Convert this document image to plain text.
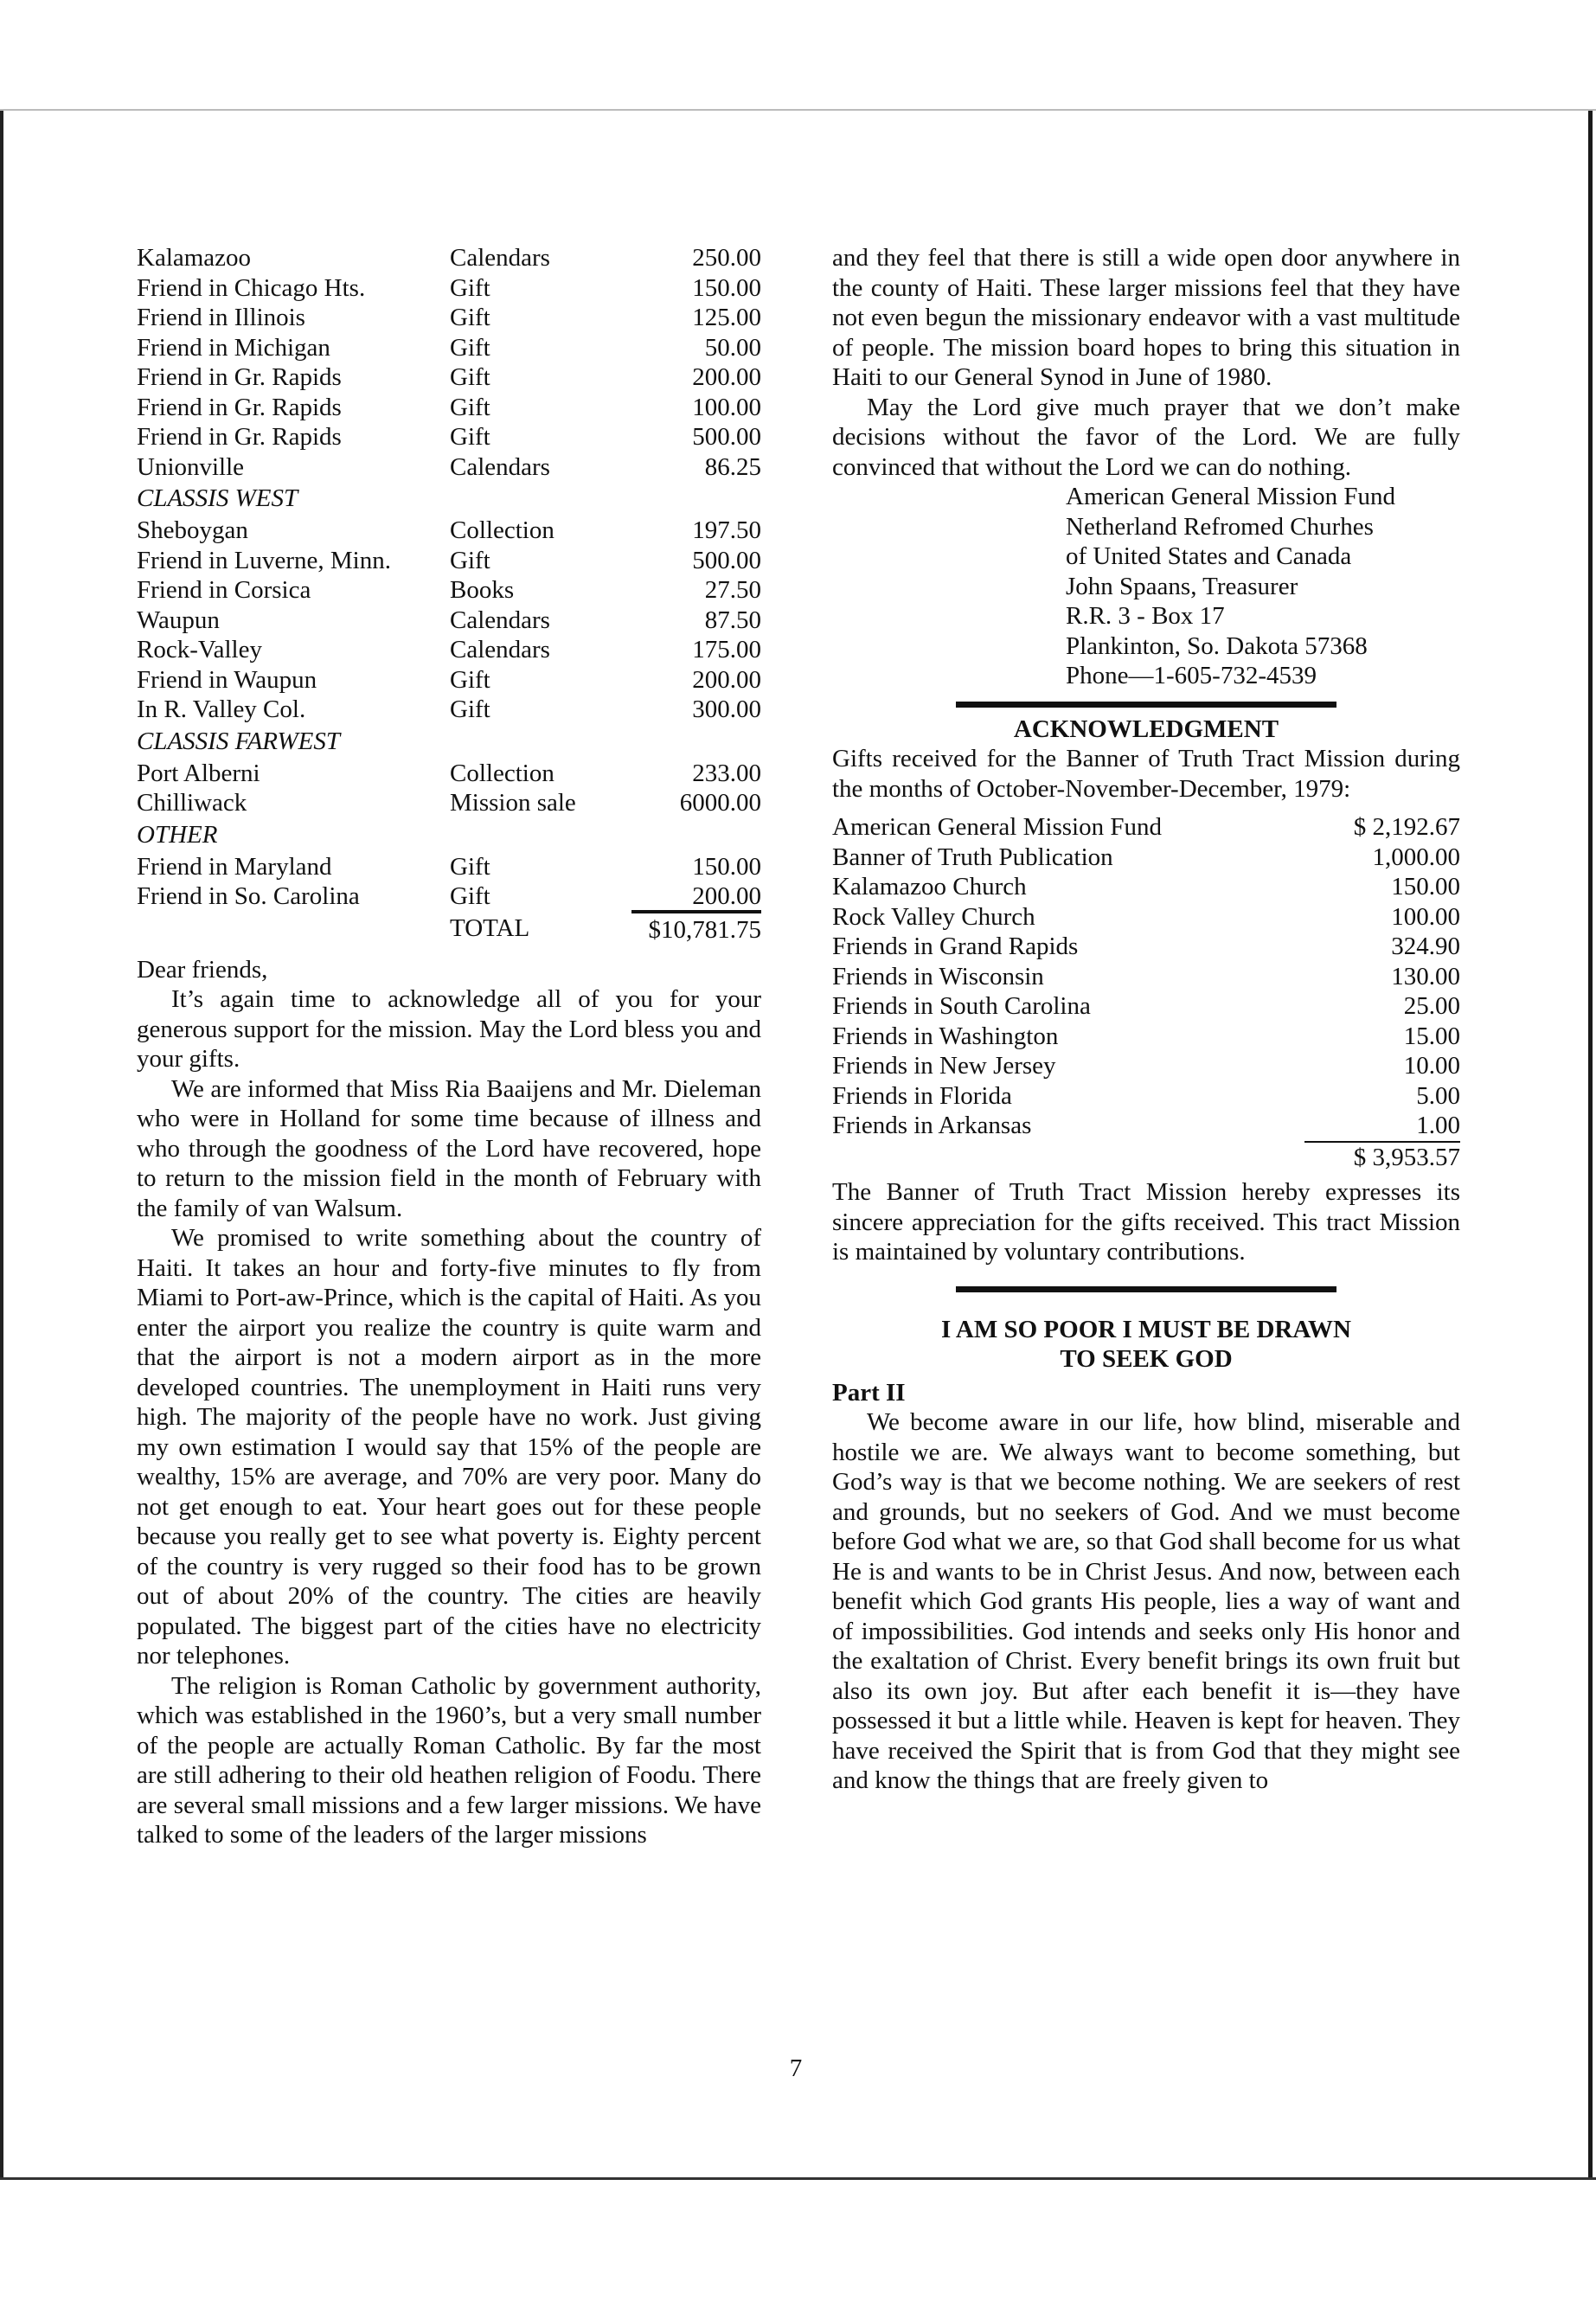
Kalamazoo	Calendars	250.00
Friend in Chicago Hts.	Gift	150.00
Friend in Illinois	Gift	125.00
Friend in Michigan	Gift	50.00
Friend in Gr. Rapids	Gift	200.00
Friend in Gr. Rapids	Gift	100.00
Friend in Gr. Rapids	Gift	500.00
Unionville	Calendars	86.25
CLASSIS WEST
Sheboygan	Collection	197.50
Friend in Luverne, Minn.	Gift	500.00
Friend in Corsica	Books	27.50
Waupun	Calendars	87.50
Rock-Valley	Calendars	175.00
Friend in Waupun	Gift	200.00
In R. Valley Col.	Gift	300.00
CLASSIS FARWEST
Port Alberni	Collection	233.00
Chilliwack	Mission sale	6000.00
OTHER
Friend in Maryland	Gift	150.00
Friend in So. Carolina	Gift	200.00
TOTAL	$10,781.75

Dear friends,

It’s again time to acknowledge all of you for your generous support for the mission. May the Lord bless you and your gifts.

We are informed that Miss Ria Baaijens and Mr. Dieleman who were in Holland for some time because of illness and who through the goodness of the Lord have recovered, hope to return to the mission field in the month of February with the family of van Walsum.

We promised to write something about the country of Haiti. It takes an hour and forty-five minutes to fly from Miami to Port-aw-Prince, which is the capital of Haiti. As you enter the airport you realize the country is quite warm and that the airport is not a modern airport as in the more developed countries. The unemployment in Haiti runs very high. The majority of the people have no work. Just giving my own estimation I would say that 15% of the people are wealthy, 15% are average, and 70% are very poor. Many do not get enough to eat. Your heart goes out for these people because you really get to see what poverty is. Eighty percent of the country is very rugged so their food has to be grown out of about 20% of the country. The cities are heavily populated. The biggest part of the cities have no electricity nor telephones.

The religion is Roman Catholic by government authority, which was established in the 1960’s, but a very small number of the people are actually Roman Catholic. By far the most are still adhering to their old heathen religion of Foodu. There are several small missions and a few larger missions. We have talked to some of the leaders of the larger missions

and they feel that there is still a wide open door anywhere in the county of Haiti. These larger missions feel that they have not even begun the missionary endeavor with a vast multitude of people. The mission board hopes to bring this situation in Haiti to our General Synod in June of 1980.

May the Lord give much prayer that we don’t make decisions without the favor of the Lord. We are fully convinced that without the Lord we can do nothing.

American General Mission Fund
Netherland Refromed Churhes
of United States and Canada
John Spaans, Treasurer
R.R. 3 - Box 17
Plankinton, So. Dakota 57368
Phone—1-605-732-4539
ACKNOWLEDGMENT

Gifts received for the Banner of Truth Tract Mission during the months of October-November-December, 1979:

American General Mission Fund	$ 2,192.67
Banner of Truth Publication	1,000.00
Kalamazoo Church	150.00
Rock Valley Church	100.00
Friends in Grand Rapids	324.90
Friends in Wisconsin	130.00
Friends in South Carolina	25.00
Friends in Washington	15.00
Friends in New Jersey	10.00
Friends in Florida	5.00
Friends in Arkansas	1.00
$ 3,953.57

The Banner of Truth Tract Mission hereby expresses its sincere appreciation for the gifts received. This tract Mission is maintained by voluntary contributions.

I AM SO POOR I MUST BE DRAWN
TO SEEK GOD
Part II

We become aware in our life, how blind, miserable and hostile we are. We always want to become something, but God’s way is that we become nothing. We are seekers of rest and grounds, but no seekers of God. And we must become before God what we are, so that God shall become for us what He is and wants to be in Christ Jesus. And now, between each benefit which God grants His people, lies a way of want and of impossibilities. God intends and seeks only His honor and the exaltation of Christ. Every benefit brings its own fruit but also its own joy. But after each benefit it is—they have possessed it but a little while. Heaven is kept for heaven. They have received the Spirit that is from God that they might see and know the things that are freely given to

7
